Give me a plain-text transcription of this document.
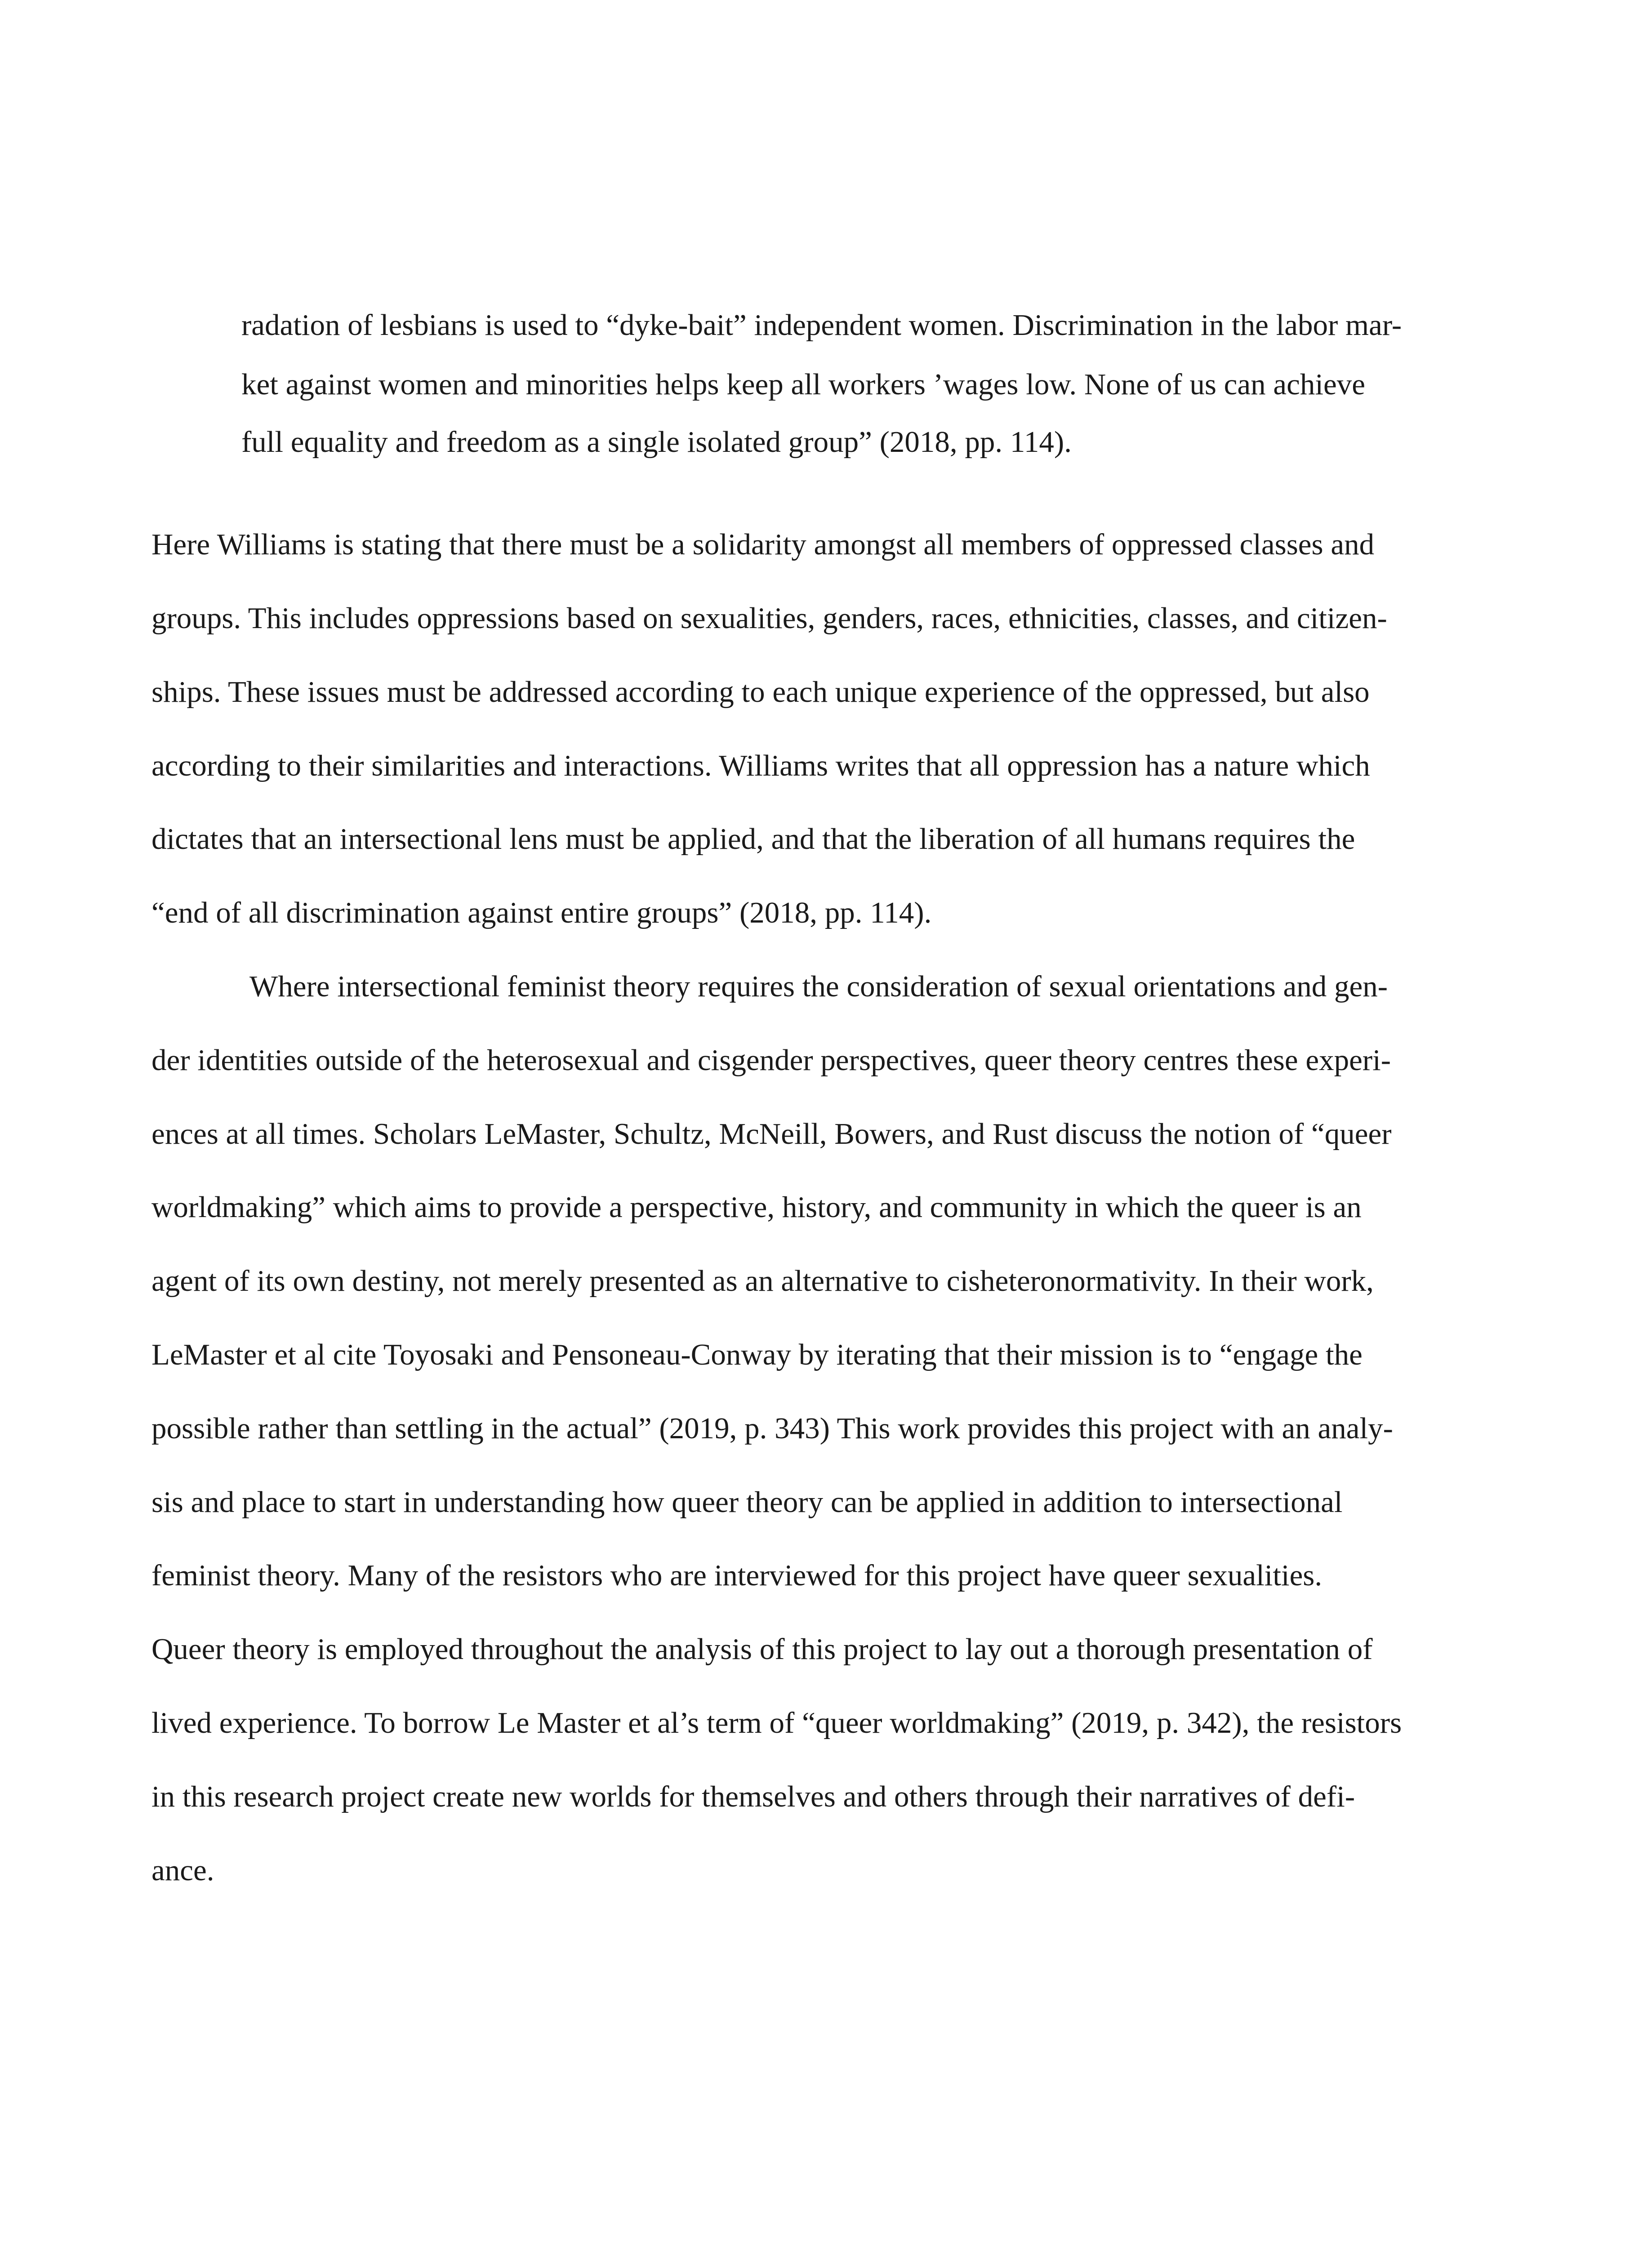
radation of lesbians is used to “dyke-bait” independent women. Discrimination in the labor mar-
ket against women and minorities helps keep all workers ’wages low. None of us can achieve
full equality and freedom as a single isolated group” (2018, pp. 114).
Here Williams is stating that there must be a solidarity amongst all members of oppressed classes and
groups. This includes oppressions based on sexualities, genders, races, ethnicities, classes, and citizen-
ships. These issues must be addressed according to each unique experience of the oppressed, but also
according to their similarities and interactions. Williams writes that all oppression has a nature which
dictates that an intersectional lens must be applied, and that the liberation of all humans requires the
“end of all discrimination against entire groups” (2018, pp. 114).
Where intersectional feminist theory requires the consideration of sexual orientations and gen-
der identities outside of the heterosexual and cisgender perspectives, queer theory centres these experi-
ences at all times. Scholars LeMaster, Schultz, McNeill, Bowers, and Rust discuss the notion of “queer
worldmaking” which aims to provide a perspective, history, and community in which the queer is an
agent of its own destiny, not merely presented as an alternative to cisheteronormativity. In their work,
LeMaster et al cite Toyosaki and Pensoneau-Conway by iterating that their mission is to “engage the
possible rather than settling in the actual” (2019, p. 343) This work provides this project with an analy-
sis and place to start in understanding how queer theory can be applied in addition to intersectional
feminist theory. Many of the resistors who are interviewed for this project have queer sexualities.
Queer theory is employed throughout the analysis of this project to lay out a thorough presentation of
lived experience. To borrow Le Master et al’s term of “queer worldmaking” (2019, p. 342), the resistors
in this research project create new worlds for themselves and others through their narratives of defi-
ance.
